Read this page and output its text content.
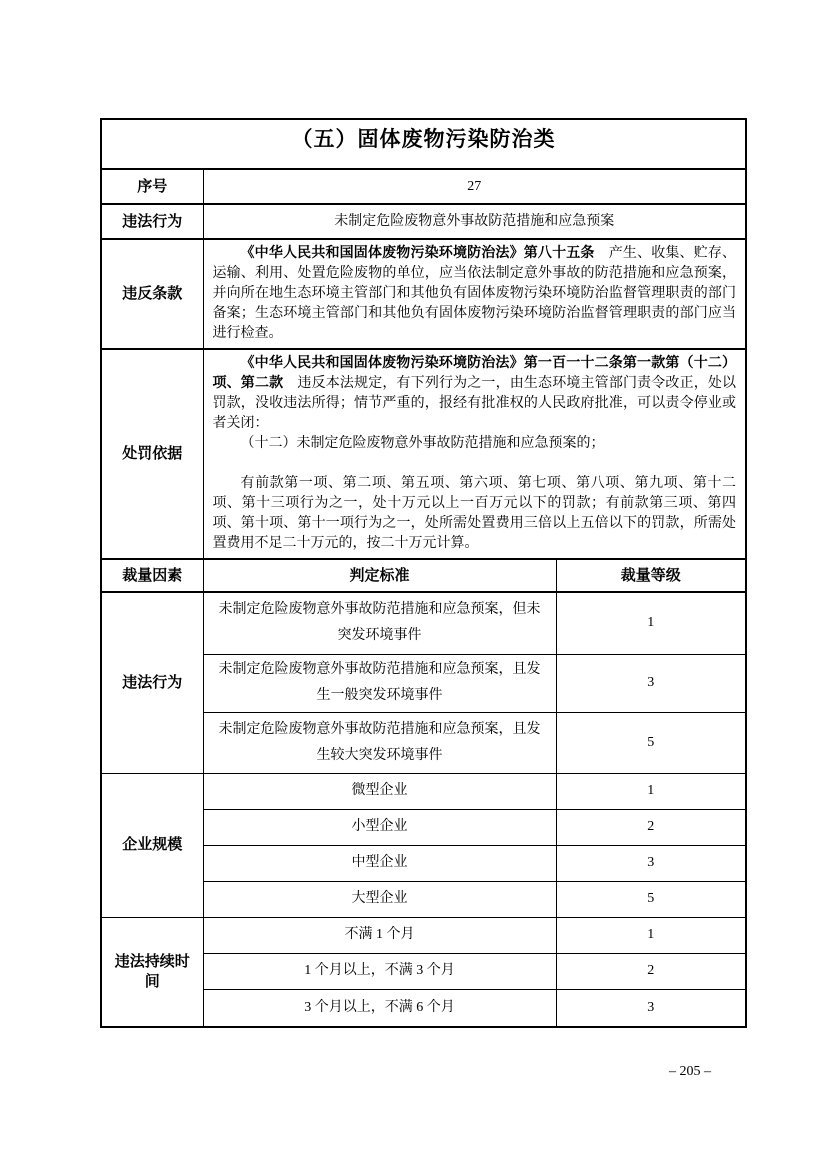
（五）固体废物污染防治类		
序号	27	
违法行为	未制定危险废物意外事故防范措施和应急预案	
违反条款	《中华人民共和国固体废物污染环境防治法》第八十五条　产生、收集、贮存、运输、利用、处置危险废物的单位，应当依法制定意外事故的防范措施和应急预案，并向所在地生态环境主管部门和其他负有固体废物污染环境防治监督管理职责的部门备案；生态环境主管部门和其他负有固体废物污染环境防治监督管理职责的部门应当进行检查。	

处罚依据	《中华人民共和国固体废物污染环境防治法》第一百一十二条第一款第（十二）项、第二款　违反本法规定，有下列行为之一，由生态环境主管部门责令改正，处以罚款，没收违法所得；情节严重的，报经有批准权的人民政府批准，可以责令停业或者关闭：

（十二）未制定危险废物意外事故防范措施和应急预案的；

有前款第一项、第二项、第五项、第六项、第七项、第八项、第九项、第十二项、第十三项行为之一，处十万元以上一百万元以下的罚款；有前款第三项、第四项、第十项、第十一项行为之一，处所需处置费用三倍以上五倍以下的罚款，所需处置费用不足二十万元的，按二十万元计算。	

裁量因素	判定标准	裁量等级
违法行为	未制定危险废物意外事故防范措施和应急预案，但未突发环境事件	1
	未制定危险废物意外事故防范措施和应急预案，且发生一般突发环境事件	3
	未制定危险废物意外事故防范措施和应急预案，且发生较大突发环境事件	5
企业规模	微型企业	1
	小型企业	2
	中型企业	3
	大型企业	5
违法持续时间	不满 1 个月	1
	1 个月以上，不满 3 个月	2
	3 个月以上，不满 6 个月	3
– 205 –
